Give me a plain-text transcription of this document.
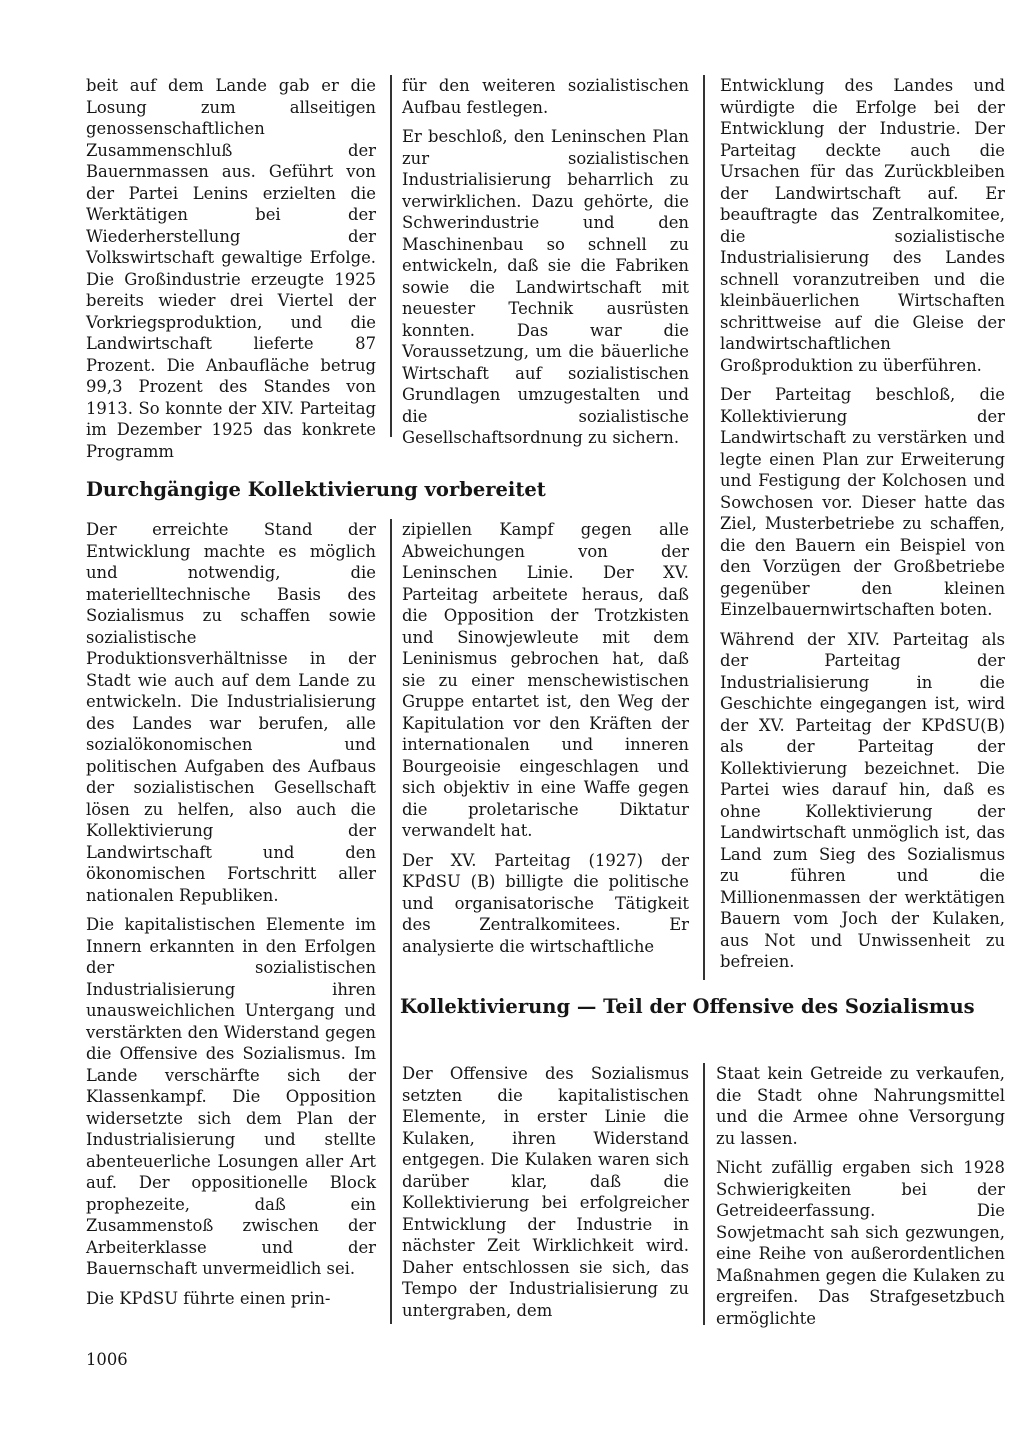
beit auf dem Lande gab er die Losung zum allseitigen genossenschaftlichen Zusammenschluß der Bauernmassen aus. Geführt von der Partei Lenins erzielten die Werktätigen bei der Wiederherstellung der Volkswirtschaft gewaltige Erfolge. Die Großindustrie erzeugte 1925 bereits wieder drei Viertel der Vorkriegsproduktion, und die Landwirtschaft lieferte 87 Prozent. Die Anbaufläche betrug 99,3 Prozent des Standes von 1913. So konnte der XIV. Parteitag im Dezember 1925 das konkrete Programm

für den weiteren sozialistischen Aufbau festlegen.

Er beschloß, den Leninschen Plan zur sozialistischen Industrialisierung beharrlich zu verwirklichen. Dazu gehörte, die Schwerindustrie und den Maschinenbau so schnell zu entwickeln, daß sie die Fabriken sowie die Landwirtschaft mit neuester Technik ausrüsten konnten. Das war die Voraussetzung, um die bäuerliche Wirtschaft auf sozialistischen Grundlagen umzugestalten und die sozialistische Gesellschaftsordnung zu sichern.

Entwicklung des Landes und würdigte die Erfolge bei der Entwicklung der Industrie. Der Parteitag deckte auch die Ursachen für das Zurückbleiben der Landwirtschaft auf. Er beauftragte das Zentralkomitee, die sozialistische Industrialisierung des Landes schnell voranzutreiben und die kleinbäuerlichen Wirtschaften schrittweise auf die Gleise der landwirtschaftlichen Großproduktion zu überführen.

Der Parteitag beschloß, die Kollektivierung der Landwirtschaft zu verstärken und legte einen Plan zur Erweiterung und Festigung der Kolchosen und Sowchosen vor. Dieser hatte das Ziel, Musterbetriebe zu schaffen, die den Bauern ein Beispiel von den Vorzügen der Großbetriebe gegenüber den kleinen Einzelbauernwirtschaften boten.

Während der XIV. Parteitag als der Parteitag der Industrialisierung in die Geschichte eingegangen ist, wird der XV. Parteitag der KPdSU(B) als der Parteitag der Kollektivierung bezeichnet. Die Partei wies darauf hin, daß es ohne Kollektivierung der Landwirtschaft unmöglich ist, das Land zum Sieg des Sozialismus zu führen und die Millionenmassen der werktätigen Bauern vom Joch der Kulaken, aus Not und Unwissenheit zu befreien.

Durchgängige Kollektivierung vorbereitet

Der erreichte Stand der Entwicklung machte es möglich und notwendig, die materielltechnische Basis des Sozialismus zu schaffen sowie sozialistische Produktionsverhältnisse in der Stadt wie auch auf dem Lande zu entwickeln. Die Industrialisierung des Landes war berufen, alle sozialökonomischen und politischen Aufgaben des Aufbaus der sozialistischen Gesellschaft lösen zu helfen, also auch die Kollektivierung der Landwirtschaft und den ökonomischen Fortschritt aller nationalen Republiken.

Die kapitalistischen Elemente im Innern erkannten in den Erfolgen der sozialistischen Industrialisierung ihren unausweichlichen Untergang und verstärkten den Widerstand gegen die Offensive des Sozialismus. Im Lande verschärfte sich der Klassenkampf. Die Opposition widersetzte sich dem Plan der Industrialisierung und stellte abenteuerliche Losungen aller Art auf. Der oppositionelle Block prophezeite, daß ein Zusammenstoß zwischen der Arbeiterklasse und der Bauernschaft unvermeidlich sei.

Die KPdSU führte einen prin-

zipiellen Kampf gegen alle Abweichungen von der Leninschen Linie. Der XV. Parteitag arbeitete heraus, daß die Opposition der Trotzkisten und Sinowjewleute mit dem Leninismus gebrochen hat, daß sie zu einer menschewistischen Gruppe entartet ist, den Weg der Kapitulation vor den Kräften der internationalen und inneren Bourgeoisie eingeschlagen und sich objektiv in eine Waffe gegen die proletarische Diktatur verwandelt hat.

Der XV. Parteitag (1927) der KPdSU (B) billigte die politische und organisatorische Tätigkeit des Zentralkomitees. Er analysierte die wirtschaftliche

Kollektivierung — Teil der Offensive des Sozialismus

Der Offensive des Sozialismus setzten die kapitalistischen Elemente, in erster Linie die Kulaken, ihren Widerstand entgegen. Die Kulaken waren sich darüber klar, daß die Kollektivierung bei erfolgreicher Entwicklung der Industrie in nächster Zeit Wirklichkeit wird. Daher entschlossen sie sich, das Tempo der Industrialisierung zu untergraben, dem

Staat kein Getreide zu verkaufen, die Stadt ohne Nahrungsmittel und die Armee ohne Versorgung zu lassen.

Nicht zufällig ergaben sich 1928 Schwierigkeiten bei der Getreideerfassung. Die Sowjetmacht sah sich gezwungen, eine Reihe von außerordentlichen Maßnahmen gegen die Kulaken zu ergreifen. Das Strafgesetzbuch ermöglichte

1006
